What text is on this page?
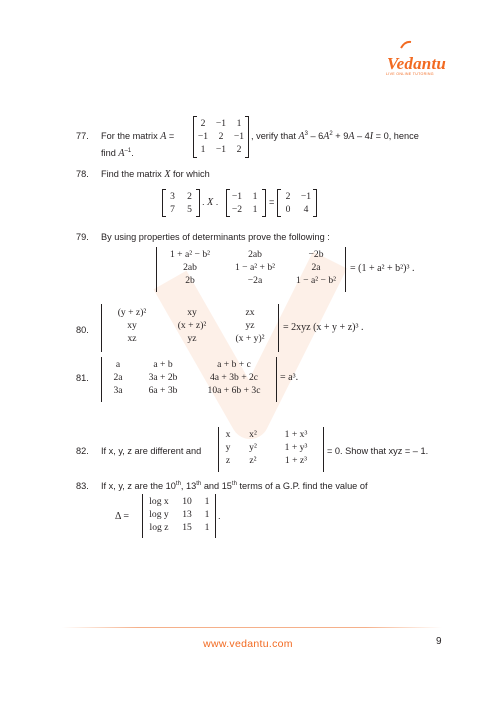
Vedantu
LIVE ONLINE TUTORING
77. For the matrix A =
2	−1	1
−1	2	−1
1	−1	2
, verify that $A^3 - 6A^2 + 9A - 4I = 0$, hence
find $A^{-1}$.
78. Find the matrix X for which
3	2
7	5
. X .	−1	1
−2	1
=	2	−1
0	4
79. By using properties of determinants prove the following :
1 + a² − b²	2ab	−2b
2ab	1 − a² + b²	2a
2b	−2a	1 − a² − b²
= (1 + a² + b²)³ .
80.
(y + z)²	xy	zx
xy	(x + z)²	yz
xz	yz	(x + y)²
= 2xyz (x + y + z)³ .
81.
a	a + b	a + b + c
2a	3a + 2b	4a + 3b + 2c
3a	6a + 3b	10a + 6b + 3c
= a³.
82. If x, y, z are different and
x	x²	1 + x³
y	y²	1 + y³
z	z²	1 + z³
= 0. Show that xyz = – 1.
83. If x, y, z are the 10th, 13th and 15th terms of a G.P. find the value of
Δ =
log x	10	1
log y	13	1
log z	15	1
.
www.vedantu.com	9
